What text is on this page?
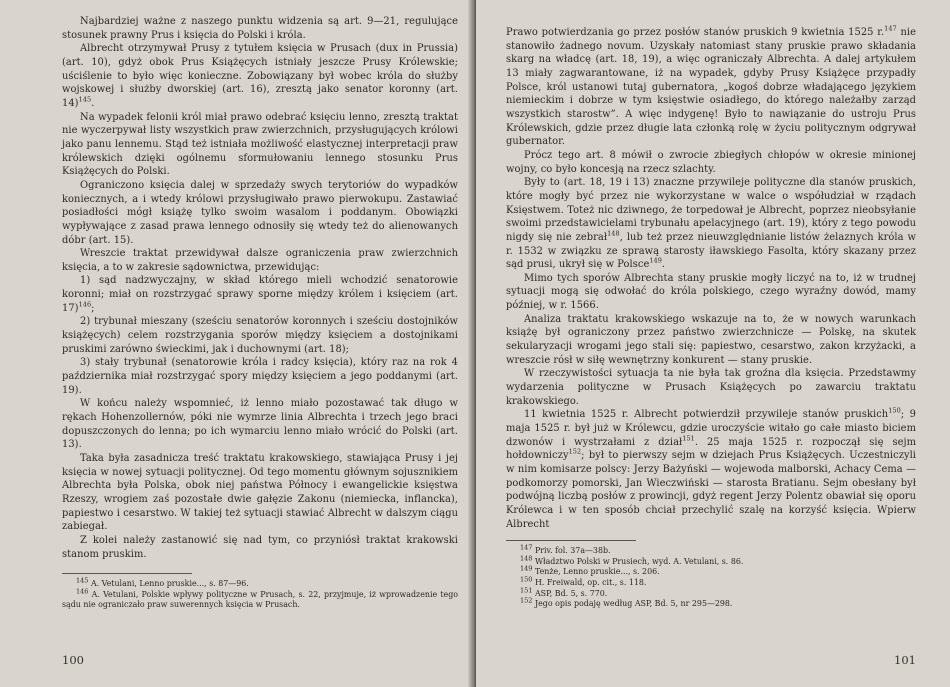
Najbardziej ważne z naszego punktu widzenia są art. 9—21, regulujące stosunek prawny Prus i księcia do Polski i króla.

Albrecht otrzymywał Prusy z tytułem księcia w Prusach (dux in Prussia) (art. 10), gdyż obok Prus Książęcych istniały jeszcze Prusy Królewskie; uściślenie to było więc konieczne. Zobowiązany był wobec króla do służby wojskowej i służby dworskiej (art. 16), zresztą jako senator koronny (art. 14)$^{145}$.

Na wypadek felonii król miał prawo odebrać księciu lenno, zresztą traktat nie wyczerpywał listy wszystkich praw zwierzchnich, przysługujących królowi jako panu lennemu. Stąd też istniała możliwość elastycznej interpretacji praw królewskich dzięki ogólnemu sformułowaniu lennego stosunku Prus Książęcych do Polski.

Ograniczono księcia dalej w sprzedaży swych terytoriów do wypadków koniecznych, a i wtedy królowi przysługiwało prawo pierwokupu. Zastawiać posiadłości mógł książę tylko swoim wasalom i poddanym. Obowiązki wypływające z zasad prawa lennego odnosiły się wtedy też do alienowanych dóbr (art. 15).

Wreszcie traktat przewidywał dalsze ograniczenia praw zwierzchnich księcia, a to w zakresie sądownictwa, przewidując:

1) sąd nadzwyczajny, w skład którego mieli wchodzić senatorowie koronni; miał on rozstrzygać sprawy sporne między królem i księciem (art. 17)$^{146}$;

2) trybunał mieszany (sześciu senatorów koronnych i sześciu dostojników książęcych) celem rozstrzygania sporów między księciem a dostojnikami pruskimi zarówno świeckimi, jak i duchownymi (art. 18);

3) stały trybunał (senatorowie króla i radcy księcia), który raz na rok 4 października miał rozstrzygać spory między księciem a jego poddanymi (art. 19).

W końcu należy wspomnieć, iż lenno miało pozostawać tak długo w rękach Hohenzollernów, póki nie wymrze linia Albrechta i trzech jego braci dopuszczonych do lenna; po ich wymarciu lenno miało wrócić do Polski (art. 13).

Taka była zasadnicza treść traktatu krakowskiego, stawiająca Prusy i jej księcia w nowej sytuacji politycznej. Od tego momentu głównym sojusznikiem Albrechta była Polska, obok niej państwa Północy i ewangelickie księstwa Rzeszy, wrogiem zaś pozostałe dwie gałęzie Zakonu (niemiecka, inflancka), papiestwo i cesarstwo. W takiej też sytuacji stawiać Albrecht w dalszym ciągu zabiegał.

Z kolei należy zastanowić się nad tym, co przyniósł traktat krakowski stanom pruskim.

$^{145}$ A. Vetulani, Lenno pruskie..., s. 87—96.

$^{146}$ A. Vetulani, Polskie wpływy polityczne w Prusach, s. 22, przyjmuje, iż wprowadzenie tego sądu nie ograniczało praw suwerennych księcia w Prusach.

100

Prawo potwierdzania go przez posłów stanów pruskich 9 kwietnia 1525 r.$^{147}$ nie stanowiło żadnego novum. Uzyskały natomiast stany pruskie prawo składania skarg na władcę (art. 18, 19), a więc ograniczały Albrechta. A dalej artykułem 13 miały zagwarantowane, iż na wypadek, gdyby Prusy Książęce przypadły Polsce, król ustanowi tutaj gubernatora, „kogoś dobrze władającego językiem niemieckim i dobrze w tym księstwie osiadłego, do którego należałby zarząd wszystkich starostw”. A więc indygenę! Było to nawiązanie do ustroju Prus Królewskich, gdzie przez długie lata członką rolę w życiu politycznym odgrywał gubernator.

Prócz tego art. 8 mówił o zwrocie zbiegłych chłopów w okresie minionej wojny, co było koncesją na rzecz szlachty.

Były to (art. 18, 19 i 13) znaczne przywileje polityczne dla stanów pruskich, które mogły być przez nie wykorzystane w walce o współudział w rządach Księstwem. Toteż nic dziwnego, że torpedował je Albrecht, poprzez nieobsyłanie swoimi przedstawicielami trybunału apelacyjnego (art. 19), który z tego powodu nigdy się nie zebrał$^{148}$, lub też przez nieuwzględnianie listów żelaznych króla w r. 1532 w związku ze sprawą starosty iławskiego Fasolta, który skazany przez sąd prusi, ukrył się w Polsce$^{149}$.

Mimo tych sporów Albrechta stany pruskie mogły liczyć na to, iż w trudnej sytuacji mogą się odwołać do króla polskiego, czego wyraźny dowód, mamy później, w r. 1566.

Analiza traktatu krakowskiego wskazuje na to, że w nowych warunkach książę był ograniczony przez państwo zwierzchnicze — Polskę, na skutek sekularyzacji wrogami jego stali się: papiestwo, cesarstwo, zakon krzyżacki, a wreszcie rósł w siłę wewnętrzny konkurent — stany pruskie.

W rzeczywistości sytuacja ta nie była tak groźna dla księcia. Przedstawmy wydarzenia polityczne w Prusach Książęcych po zawarciu traktatu krakowskiego.

11 kwietnia 1525 r. Albrecht potwierdził przywileje stanów pruskich$^{150}$; 9 maja 1525 r. był już w Królewcu, gdzie uroczyście witało go całe miasto biciem dzwonów i wystrzałami z dział$^{151}$. 25 maja 1525 r. rozpoczął się sejm hołdowniczy$^{152}$; był to pierwszy sejm w dziejach Prus Książęcych. Uczestniczyli w nim komisarze polscy: Jerzy Bażyński — wojewoda malborski, Achacy Cema — podkomorzy pomorski, Jan Wieczwiński — starosta Bratianu. Sejm obesłany był podwójną liczbą posłów z prowincji, gdyż regent Jerzy Polentz obawiał się oporu Królewca i w ten sposób chciał przechylić szalę na korzyść księcia. Wpierw Albrecht

$^{147}$ Priv. fol. 37a—38b.

$^{148}$ Władztwo Polski w Prusiech, wyd. A. Vetulani, s. 86.

$^{149}$ Tenże, Lenno pruskie..., s. 206.

$^{150}$ H. Freiwald, op. cit., s. 118.

$^{151}$ ASP, Bd. 5, s. 770.

$^{152}$ Jego opis podaję według ASP, Bd. 5, nr 295—298.

101
